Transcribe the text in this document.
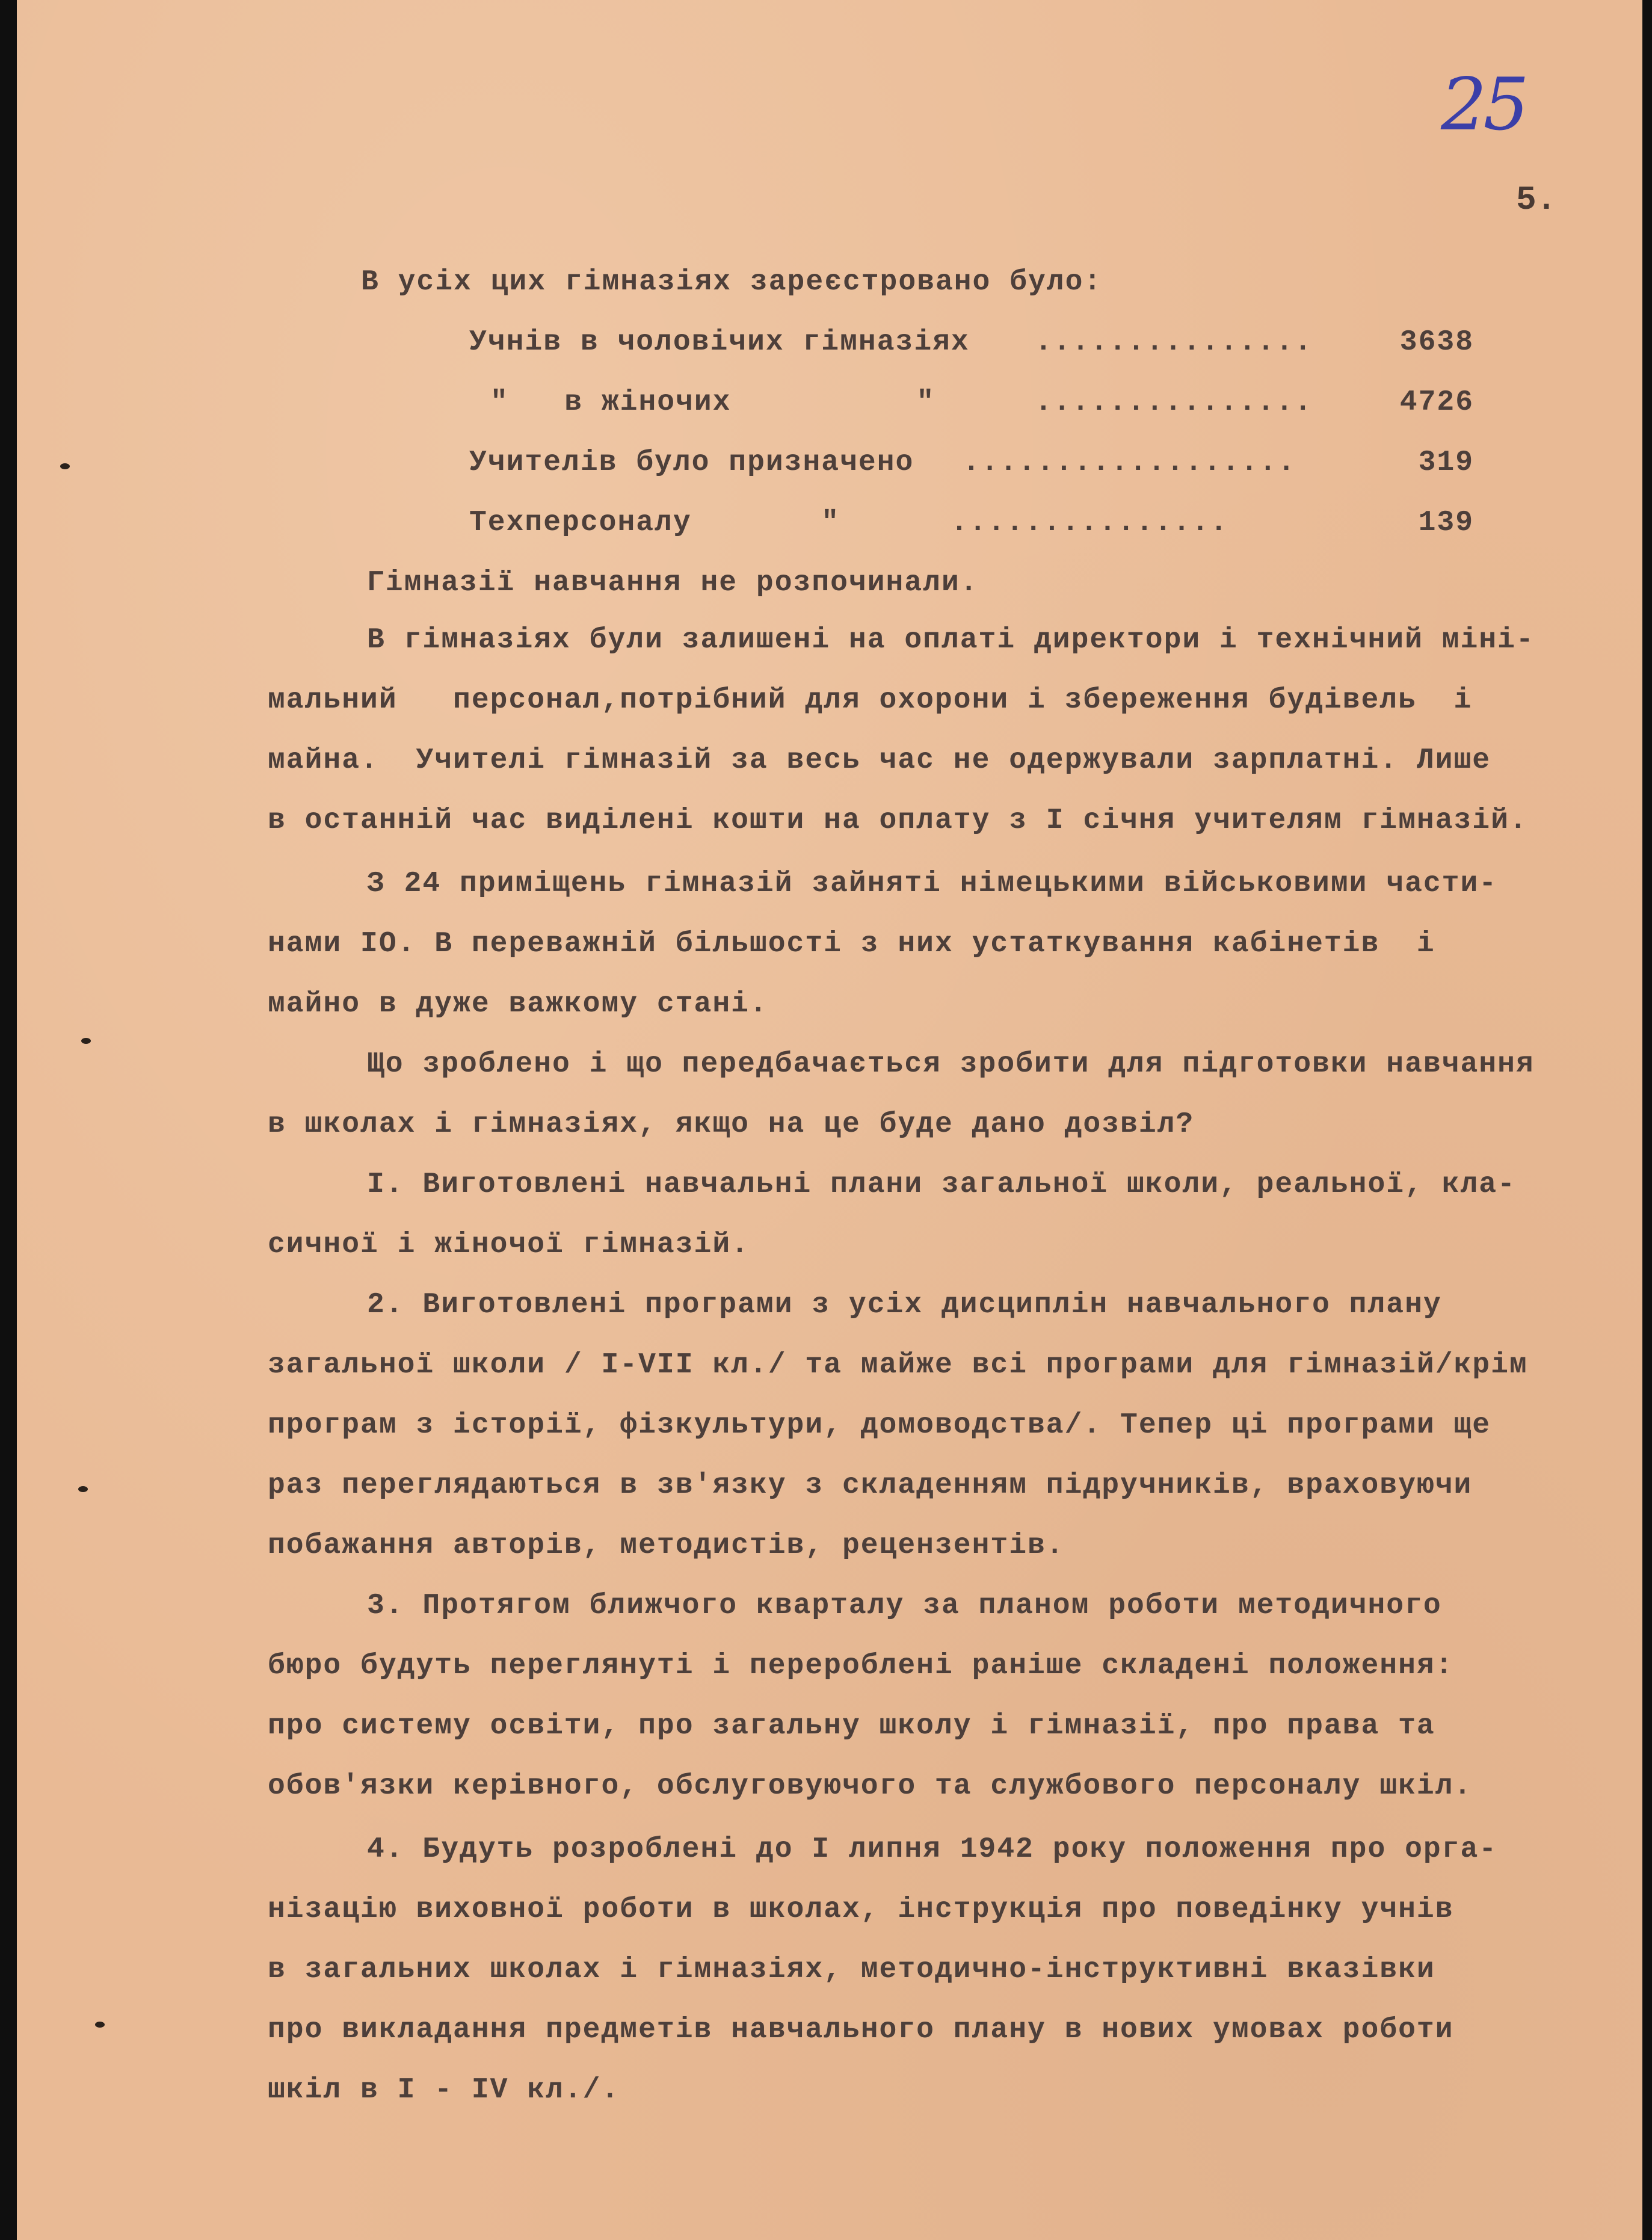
25
5.
В усіх цих гімназіях зареєстровано було:
Учнів в чоловічих гімназіях ...............	3638
"   в жіночих          "	...............	4726
Учителів було призначено ..................	319
Техперсоналу       "	...............	139
Гімназії навчання не розпочинали.
В гімназіях були залишені на оплаті директори і технічний міні-
мальний   персонал,потрібний для охорони і збереження будівель  і
майна.  Учителі гімназій за весь час не одержували зарплатні. Лише
в останній час виділені кошти на оплату з I січня учителям гімназій.
З 24 приміщень гімназій зайняті німецькими військовими части-
нами IO. В переважній більшості з них устаткування кабінетів  і
майно в дуже важкому стані.
Що зроблено і що передбачається зробити для підготовки навчання
в школах і гімназіях, якщо на це буде дано дозвіл?
I. Виготовлені навчальні плани загальної школи, реальної, кла-
сичної і жіночої гімназій.
2. Виготовлені програми з усіх дисциплін навчального плану
загальної школи / I-VII кл./ та майже всі програми для гімназій/крім
програм з історії, фізкультури, домоводства/. Тепер ці програми ще
раз переглядаються в зв'язку з складенням підручників, враховуючи
побажання авторів, методистів, рецензентів.
3. Протягом ближчого кварталу за планом роботи методичного
бюро будуть переглянуті і перероблені раніше складені положення:
про систему освіти, про загальну школу і гімназії, про права та
обов'язки керівного, обслуговуючого та службового персоналу шкіл.
4. Будуть розроблені до I липня 1942 року положення про орга-
нізацію виховної роботи в школах, інструкція про поведінку учнів
в загальних школах і гімназіях, методично-інструктивні вказівки
про викладання предметів навчального плану в нових умовах роботи
шкіл в I - IV кл./.
